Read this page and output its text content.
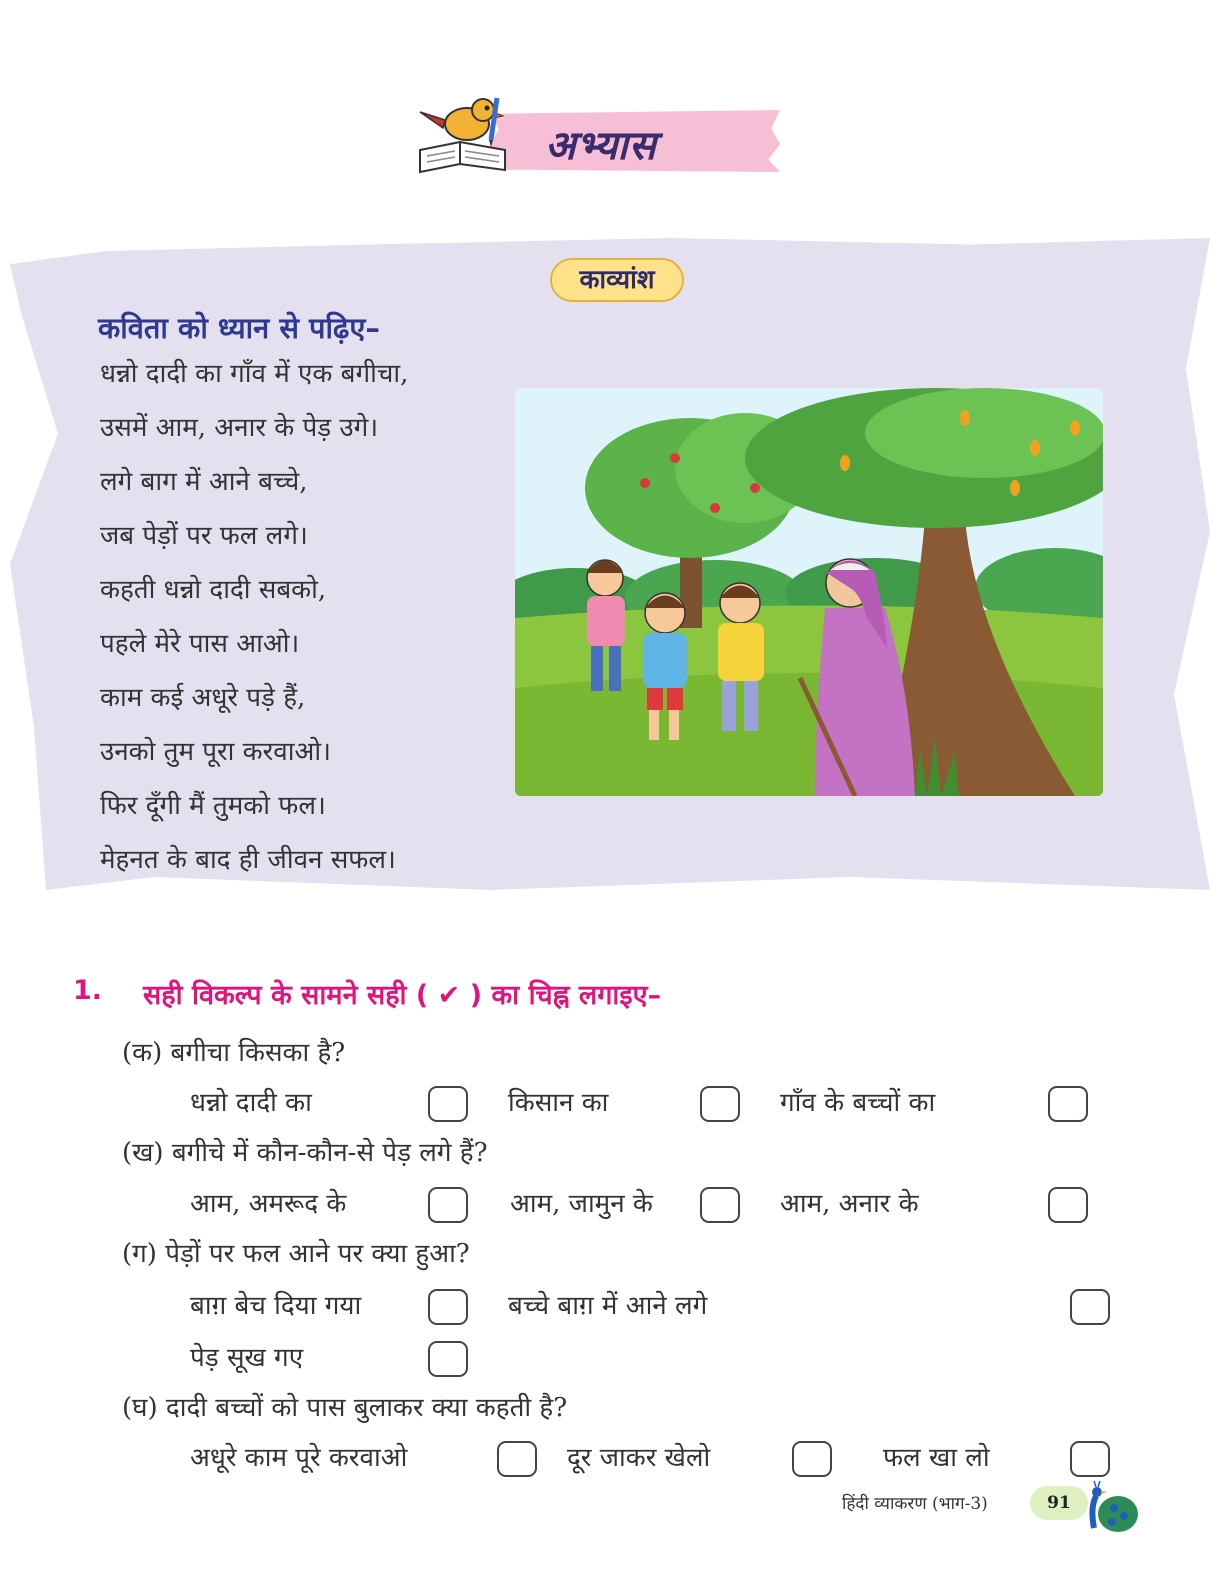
अभ्यास
काव्यांश
कविता को ध्यान से पढ़िए–
धन्नो दादी का गाँव में एक बगीचा,
उसमें आम, अनार के पेड़ उगे।
लगे बाग में आने बच्चे,
जब पेड़ों पर फल लगे।
कहती धन्नो दादी सबको,
पहले मेरे पास आओ।
काम कई अधूरे पड़े हैं,
उनको तुम पूरा करवाओ।
फिर दूँगी मैं तुमको फल।
मेहनत के बाद ही जीवन सफल।
1. सही विकल्प के सामने सही ( ✔ ) का चिह्न लगाइए–
(क) बगीचा किसका है?
धन्नो दादी का	किसान का	गाँव के बच्चों का
(ख) बगीचे में कौन-कौन-से पेड़ लगे हैं?
आम, अमरूद के	आम, जामुन के	आम, अनार के
(ग) पेड़ों पर फल आने पर क्या हुआ?
बाग़ बेच दिया गया	बच्चे बाग़ में आने लगे
पेड़ सूख गए
(घ) दादी बच्चों को पास बुलाकर क्या कहती है?
अधूरे काम पूरे करवाओ	दूर जाकर खेलो	फल खा लो
हिंदी व्याकरण (भाग-3)	91
